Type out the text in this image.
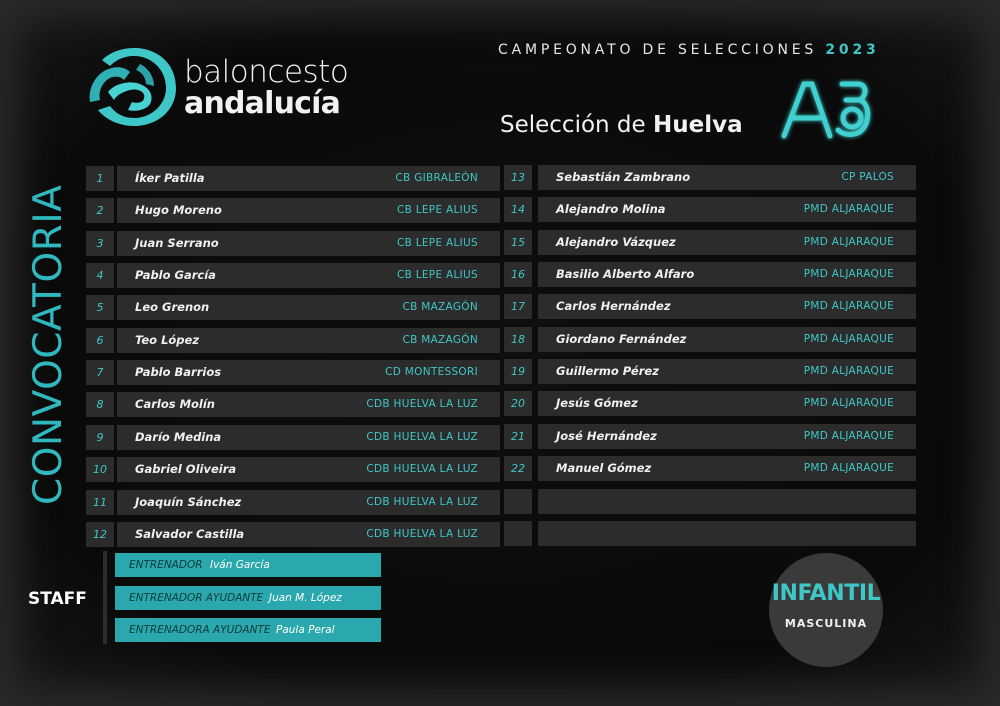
baloncesto
andalucía
CAMPEONATO DE SELECCIONES 2023
Selección de Huelva
CONVOCATORIA
1	Íker Patilla	CB GIBRALEÓN
2	Hugo Moreno	CB LEPE ALIUS
3	Juan Serrano	CB LEPE ALIUS
4	Pablo García	CB LEPE ALIUS
5	Leo Grenon	CB MAZAGÓN
6	Teo López	CB MAZAGÓN
7	Pablo Barrios	CD MONTESSORI
8	Carlos Molín	CDB HUELVA LA LUZ
9	Darío Medina	CDB HUELVA LA LUZ
10	Gabriel Oliveira	CDB HUELVA LA LUZ
11	Joaquín Sánchez	CDB HUELVA LA LUZ
12	Salvador Castilla	CDB HUELVA LA LUZ
13	Sebastián Zambrano	CP PALOS
14	Alejandro Molina	PMD ALJARAQUE
15	Alejandro Vázquez	PMD ALJARAQUE
16	Basilio Alberto Alfaro	PMD ALJARAQUE
17	Carlos Hernández	PMD ALJARAQUE
18	Giordano Fernández	PMD ALJARAQUE
19	Guillermo Pérez	PMD ALJARAQUE
20	Jesús Gómez	PMD ALJARAQUE
21	José Hernández	PMD ALJARAQUE
22	Manuel Gómez	PMD ALJARAQUE
STAFF
ENTRENADOR Iván García
ENTRENADOR AYUDANTE Juan M. López
ENTRENADORA AYUDANTE Paula Peral
INFANTIL
MASCULINA
